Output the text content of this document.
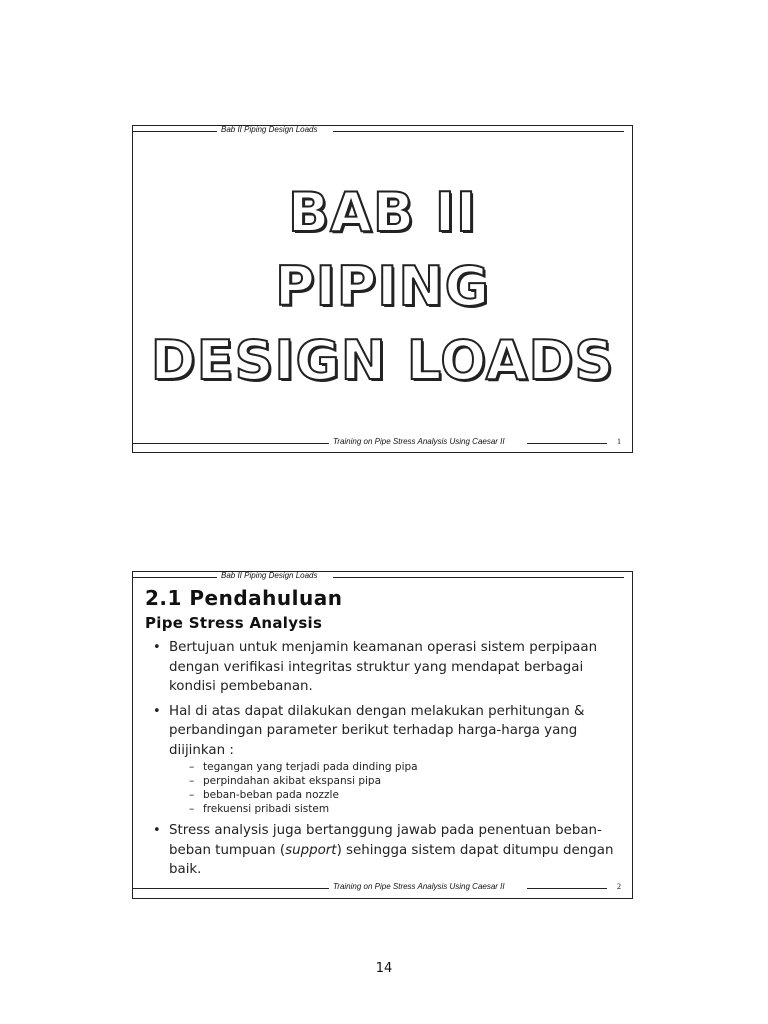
Bab II Piping Design Loads
BAB II
PIPING
DESIGN LOADS
Training on Pipe Stress Analysis Using Caesar II	1
Bab II Piping Design Loads
2.1 Pendahuluan
Pipe Stress Analysis
• Bertujuan untuk menjamin keamanan operasi sistem perpipaan dengan verifikasi integritas struktur yang mendapat berbagai kondisi pembebanan.
• Hal di atas dapat dilakukan dengan melakukan perhitungan & perbandingan parameter berikut terhadap harga-harga yang diijinkan :
– tegangan yang terjadi pada dinding pipa
– perpindahan akibat ekspansi pipa
– beban-beban pada nozzle
– frekuensi pribadi sistem
• Stress analysis juga bertanggung jawab pada penentuan beban-beban tumpuan (support) sehingga sistem dapat ditumpu dengan baik.
Training on Pipe Stress Analysis Using Caesar II	2
14
